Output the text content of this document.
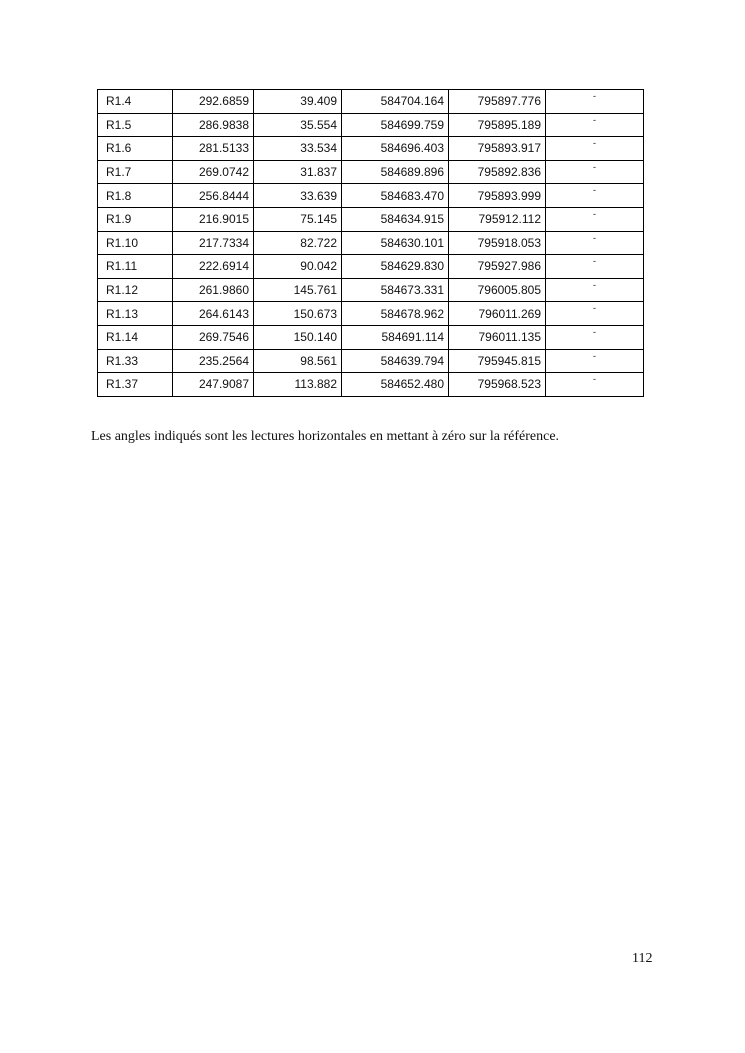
R1.4	292.6859	39.409	584704.164	795897.776	-
R1.5	286.9838	35.554	584699.759	795895.189	-
R1.6	281.5133	33.534	584696.403	795893.917	-
R1.7	269.0742	31.837	584689.896	795892.836	-
R1.8	256.8444	33.639	584683.470	795893.999	-
R1.9	216.9015	75.145	584634.915	795912.112	-
R1.10	217.7334	82.722	584630.101	795918.053	-
R1.11	222.6914	90.042	584629.830	795927.986	-
R1.12	261.9860	145.761	584673.331	796005.805	-
R1.13	264.6143	150.673	584678.962	796011.269	-
R1.14	269.7546	150.140	584691.114	796011.135	-
R1.33	235.2564	98.561	584639.794	795945.815	-
R1.37	247.9087	113.882	584652.480	795968.523	-

Les angles indiqués sont les lectures horizontales en mettant à zéro sur la référence.

112
